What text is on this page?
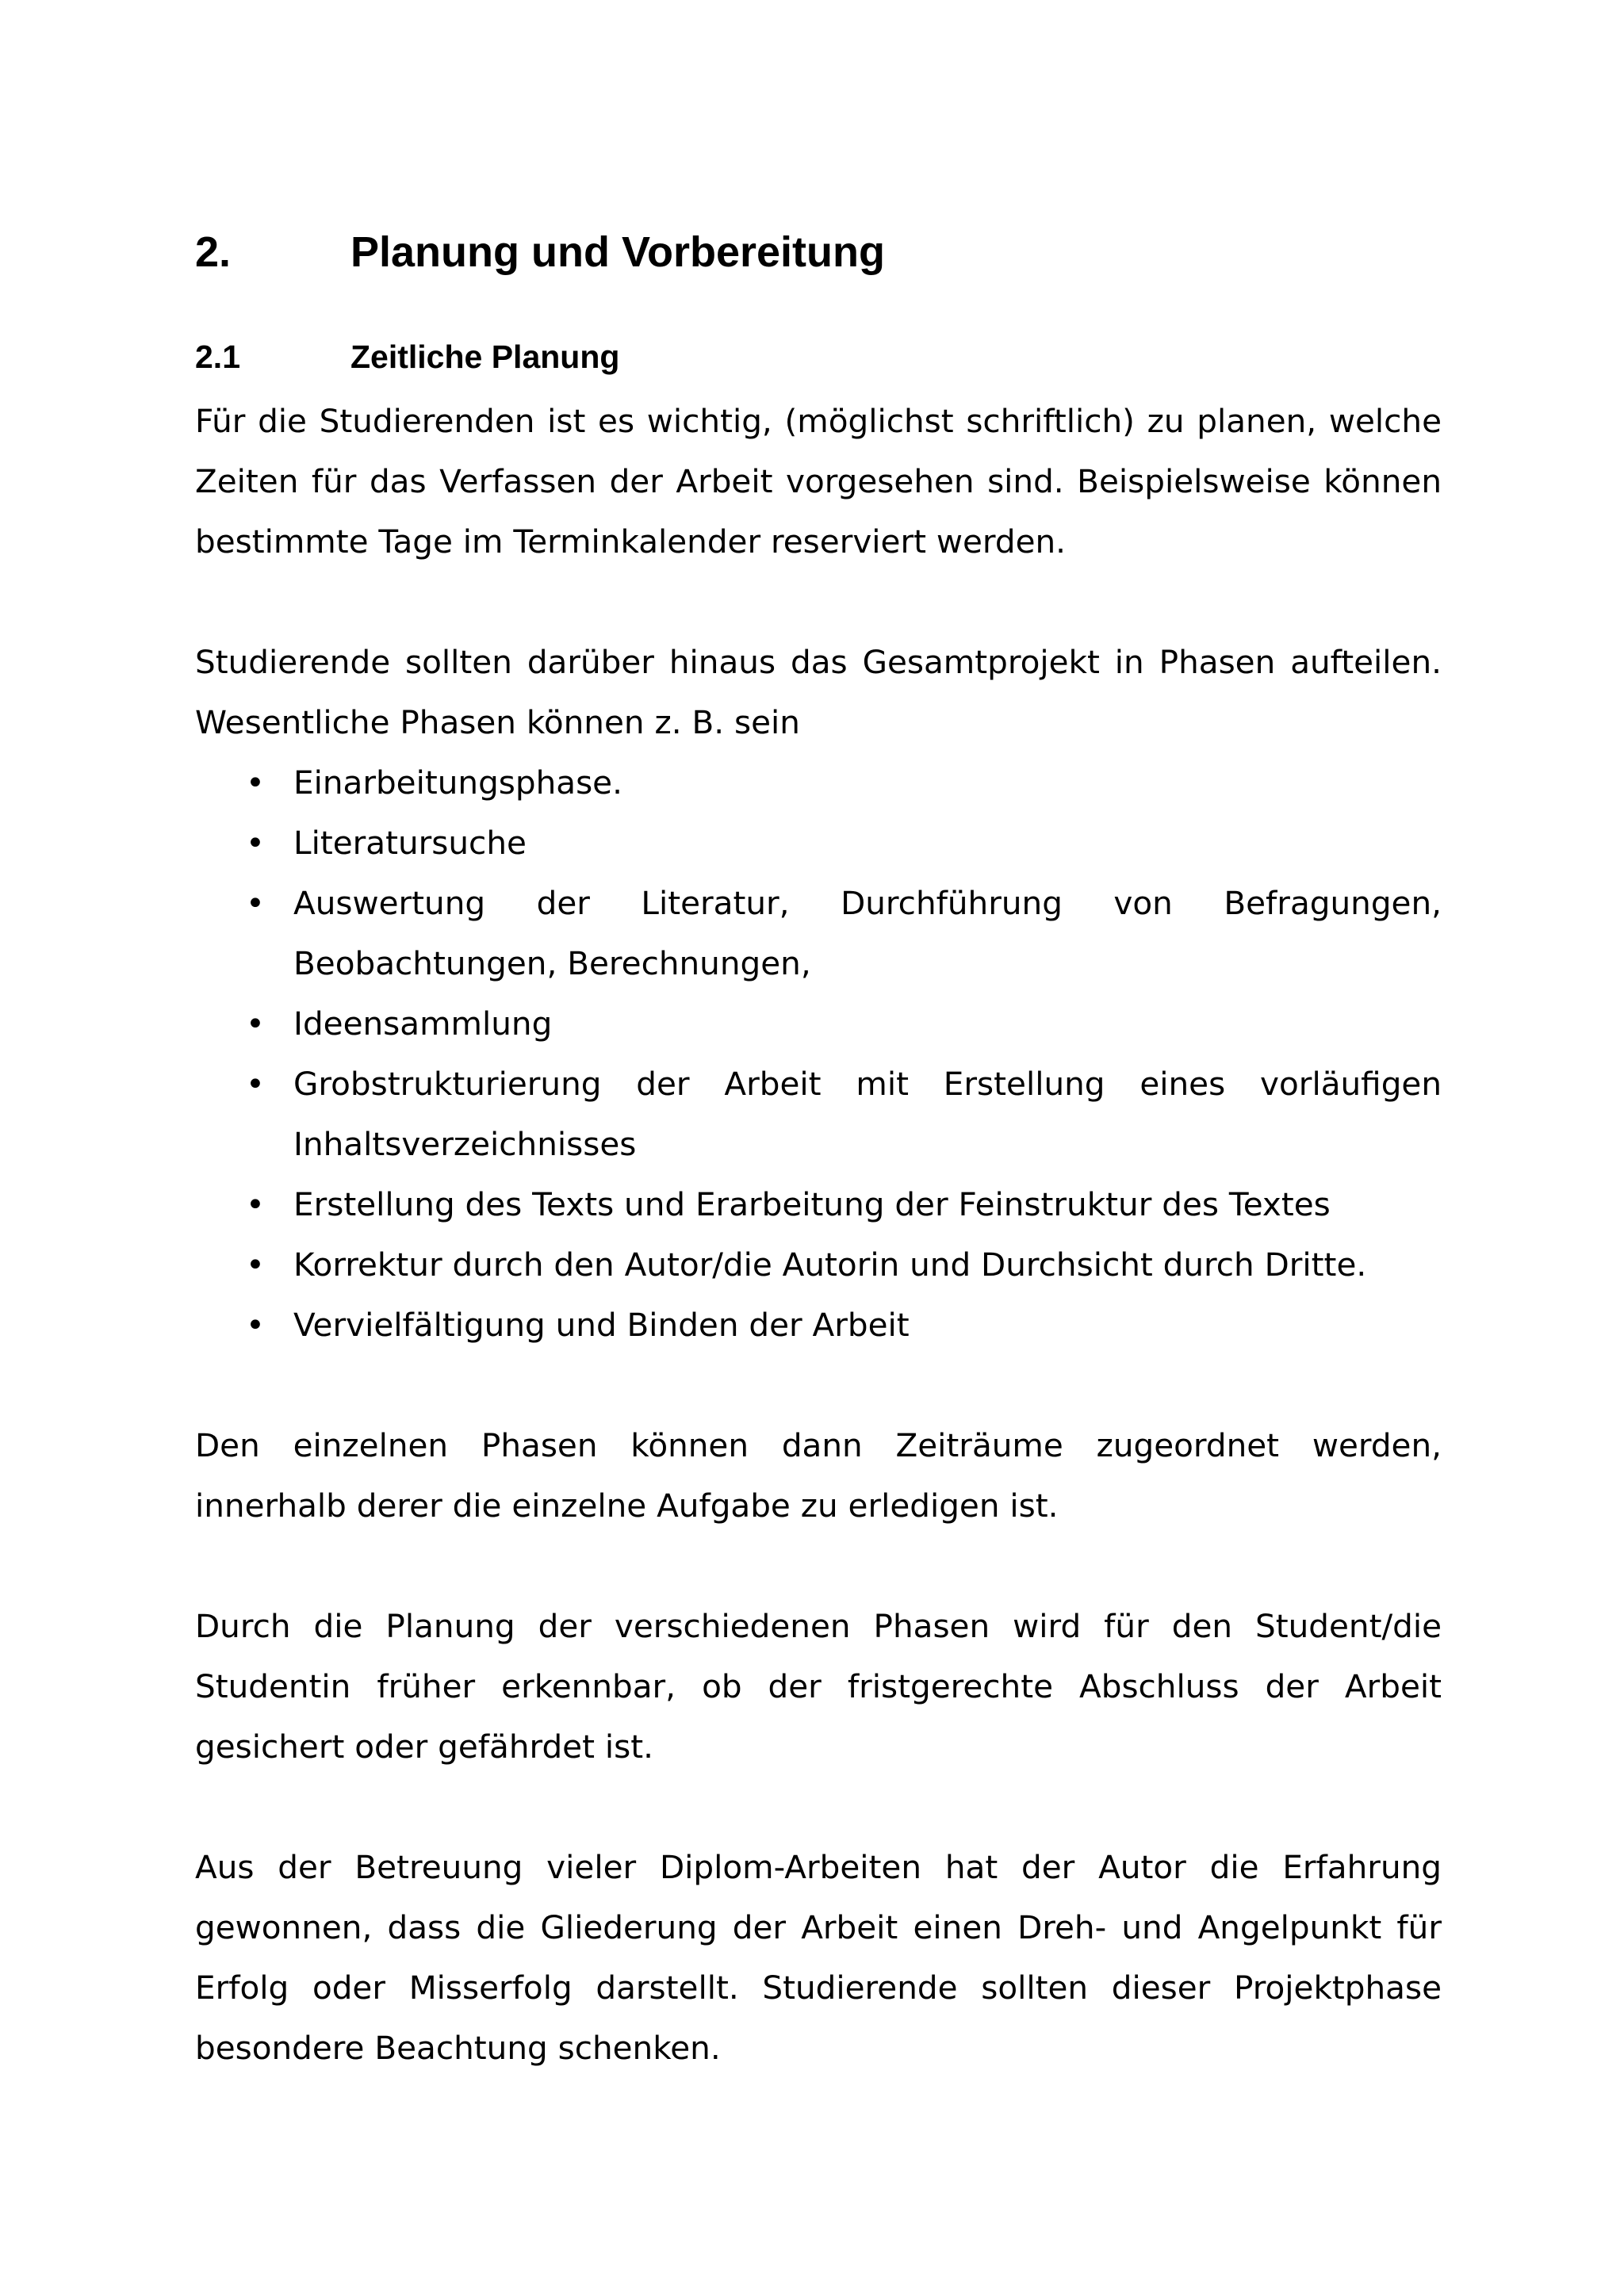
2.	Planung und Vorbereitung
2.1	Zeitliche Planung

Für die Studierenden ist es wichtig, (möglichst schriftlich) zu planen, welche Zeiten für das Verfassen der Arbeit vorgesehen sind. Beispielsweise können bestimmte Tage im Terminkalender reserviert werden.

Studierende sollten darüber hinaus das Gesamtprojekt in Phasen aufteilen. Wesentliche Phasen können z. B. sein

• Einarbeitungsphase.
• Literatursuche
• Auswertung der Literatur, Durchführung von Befragungen, Beobachtungen, Berechnungen,
• Ideensammlung
• Grobstrukturierung der Arbeit mit Erstellung eines vorläufigen Inhaltsverzeichnisses
• Erstellung des Texts und Erarbeitung der Feinstruktur des Textes
• Korrektur durch den Autor/die Autorin und Durchsicht durch Dritte.
• Vervielfältigung und Binden der Arbeit

Den einzelnen Phasen können dann Zeiträume zugeordnet werden, innerhalb derer die einzelne Aufgabe zu erledigen ist.

Durch die Planung der verschiedenen Phasen wird für den Student/die Studentin früher erkennbar, ob der fristgerechte Abschluss der Arbeit gesichert oder gefährdet ist.

Aus der Betreuung vieler Diplom-Arbeiten hat der Autor die Erfahrung gewonnen, dass die Gliederung der Arbeit einen Dreh- und Angelpunkt für Erfolg oder Misserfolg darstellt. Studierende sollten dieser Projektphase besondere Beachtung schenken.
